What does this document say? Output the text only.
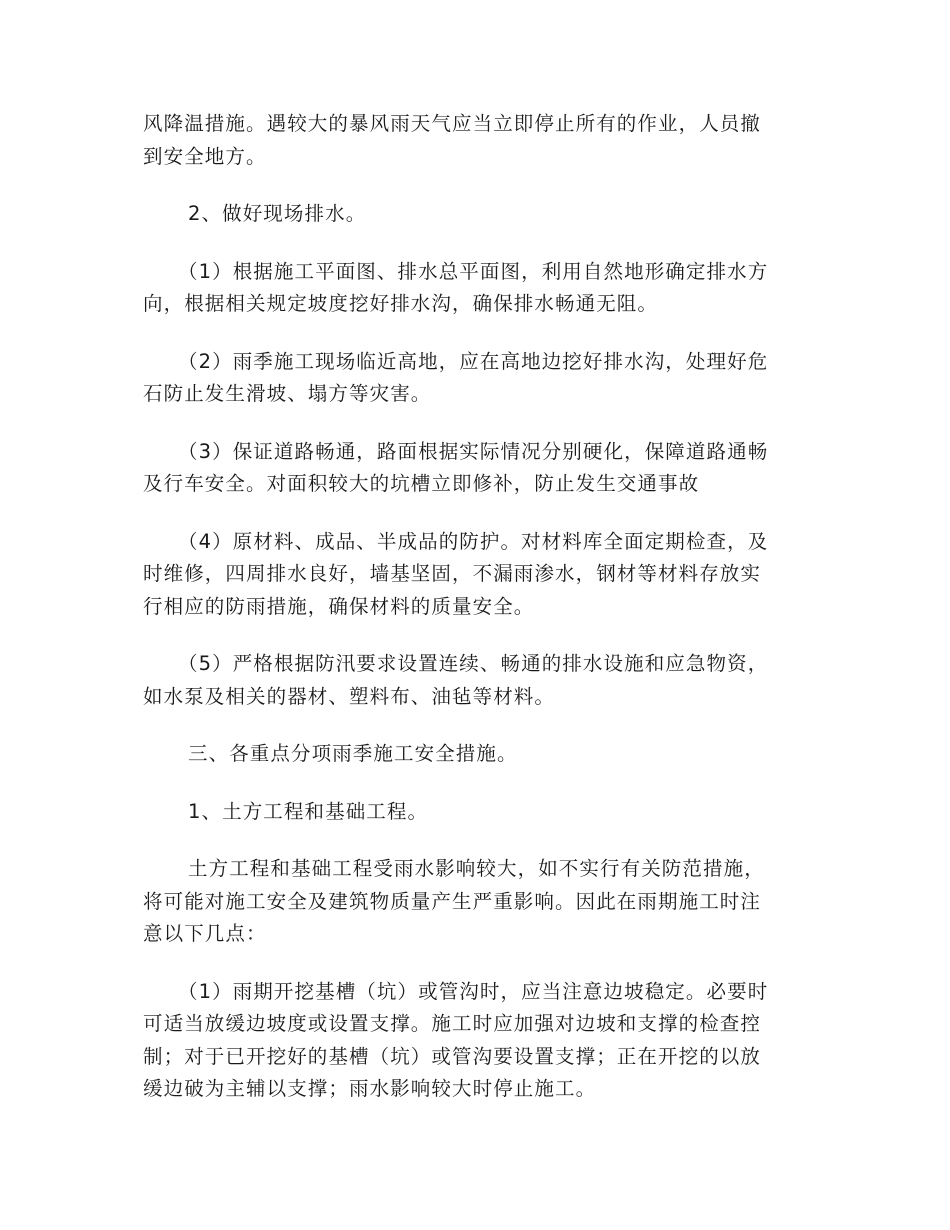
风降温措施。遇较大的暴风雨天气应当立即停止所有的作业，人员撤
到安全地方。

2、做好现场排水。

（1）根据施工平面图、排水总平面图，利用自然地形确定排水方
向，根据相关规定坡度挖好排水沟，确保排水畅通无阻。

（2）雨季施工现场临近高地，应在高地边挖好排水沟，处理好危
石防止发生滑坡、塌方等灾害。

（3）保证道路畅通，路面根据实际情况分别硬化，保障道路通畅
及行车安全。对面积较大的坑槽立即修补，防止发生交通事故

（4）原材料、成品、半成品的防护。对材料库全面定期检查，及
时维修，四周排水良好，墙基坚固，不漏雨渗水，钢材等材料存放实
行相应的防雨措施，确保材料的质量安全。

（5）严格根据防汛要求设置连续、畅通的排水设施和应急物资，
如水泵及相关的器材、塑料布、油毡等材料。

三、各重点分项雨季施工安全措施。

1、土方工程和基础工程。

土方工程和基础工程受雨水影响较大，如不实行有关防范措施，
将可能对施工安全及建筑物质量产生严重影响。因此在雨期施工时注
意以下几点：

（1）雨期开挖基槽（坑）或管沟时，应当注意边坡稳定。必要时
可适当放缓边坡度或设置支撑。施工时应加强对边坡和支撑的检查控
制；对于已开挖好的基槽（坑）或管沟要设置支撑；正在开挖的以放
缓边破为主辅以支撑；雨水影响较大时停止施工。
